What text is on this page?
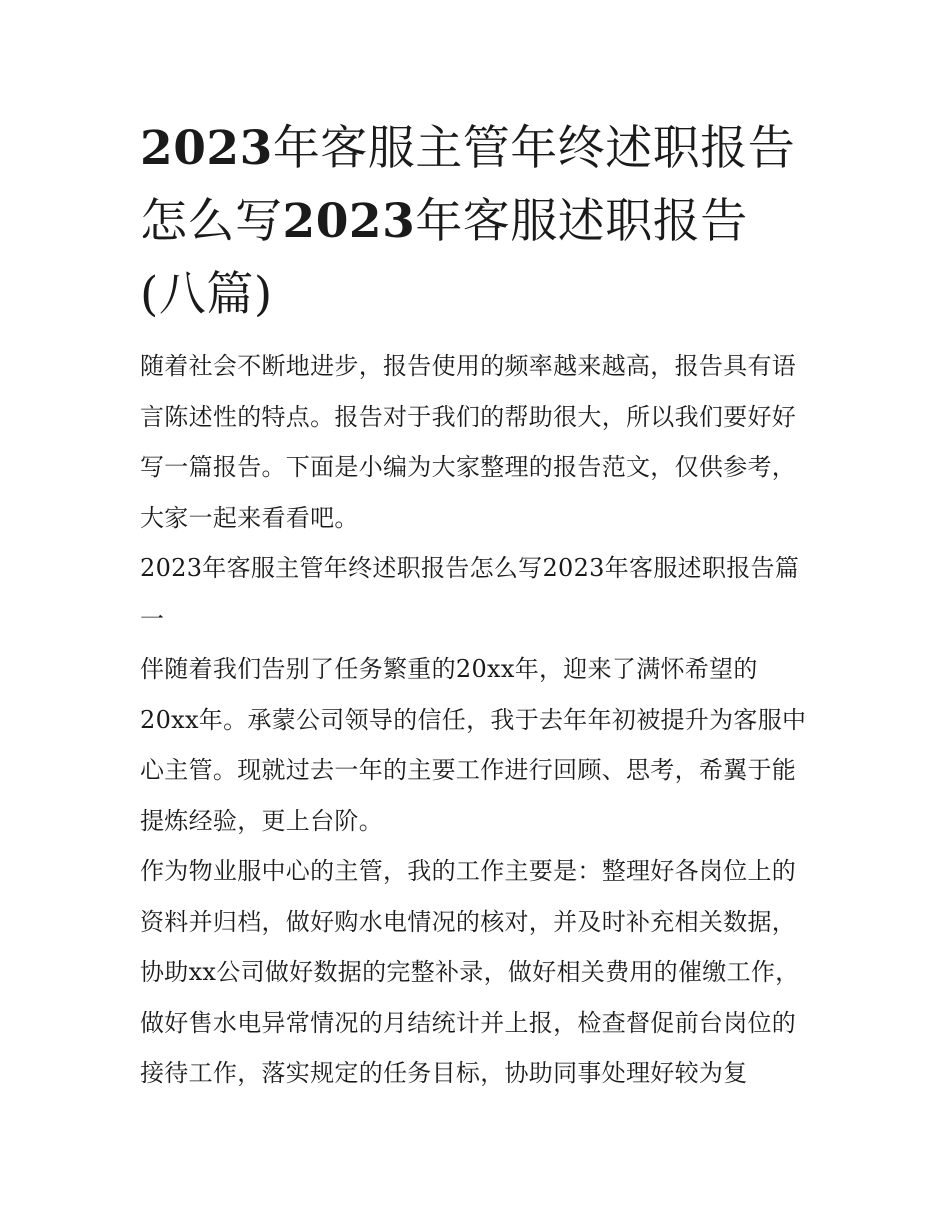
2023年客服主管年终述职报告怎么写2023年客服述职报告(八篇)

随着社会不断地进步，报告使用的频率越来越高，报告具有语言陈述性的特点。报告对于我们的帮助很大，所以我们要好好写一篇报告。下面是小编为大家整理的报告范文，仅供参考，大家一起来看看吧。

2023年客服主管年终述职报告怎么写2023年客服述职报告篇一

伴随着我们告别了任务繁重的20xx年，迎来了满怀希望的20xx年。承蒙公司领导的信任，我于去年年初被提升为客服中心主管。现就过去一年的主要工作进行回顾、思考，希翼于能提炼经验，更上台阶。

作为物业服中心的主管，我的工作主要是：整理好各岗位上的资料并归档，做好购水电情况的核对，并及时补充相关数据，协助xx公司做好数据的完整补录，做好相关费用的催缴工作，做好售水电异常情况的月结统计并上报，检查督促前台岗位的接待工作，落实规定的任务目标，协助同事处理好较为复
